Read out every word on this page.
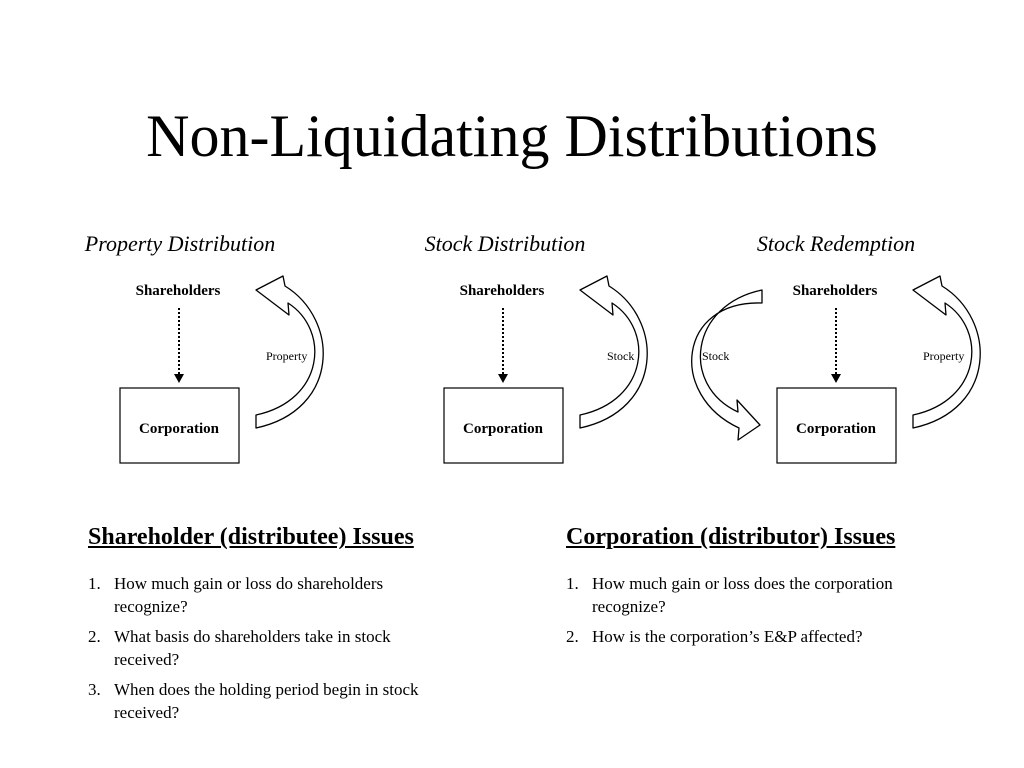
Non-Liquidating Distributions
Property Distribution
Shareholders
Corporation
Property
Stock Distribution
Shareholders
Corporation
Stock
Stock Redemption
Shareholders
Corporation
Stock	Property
Shareholder (distributee) Issues
1. How much gain or loss do shareholders recognize?
2. What basis do shareholders take in stock received?
3. When does the holding period begin in stock received?
Corporation (distributor) Issues
1. How much gain or loss does the corporation recognize?
2. How is the corporation’s E&P affected?
